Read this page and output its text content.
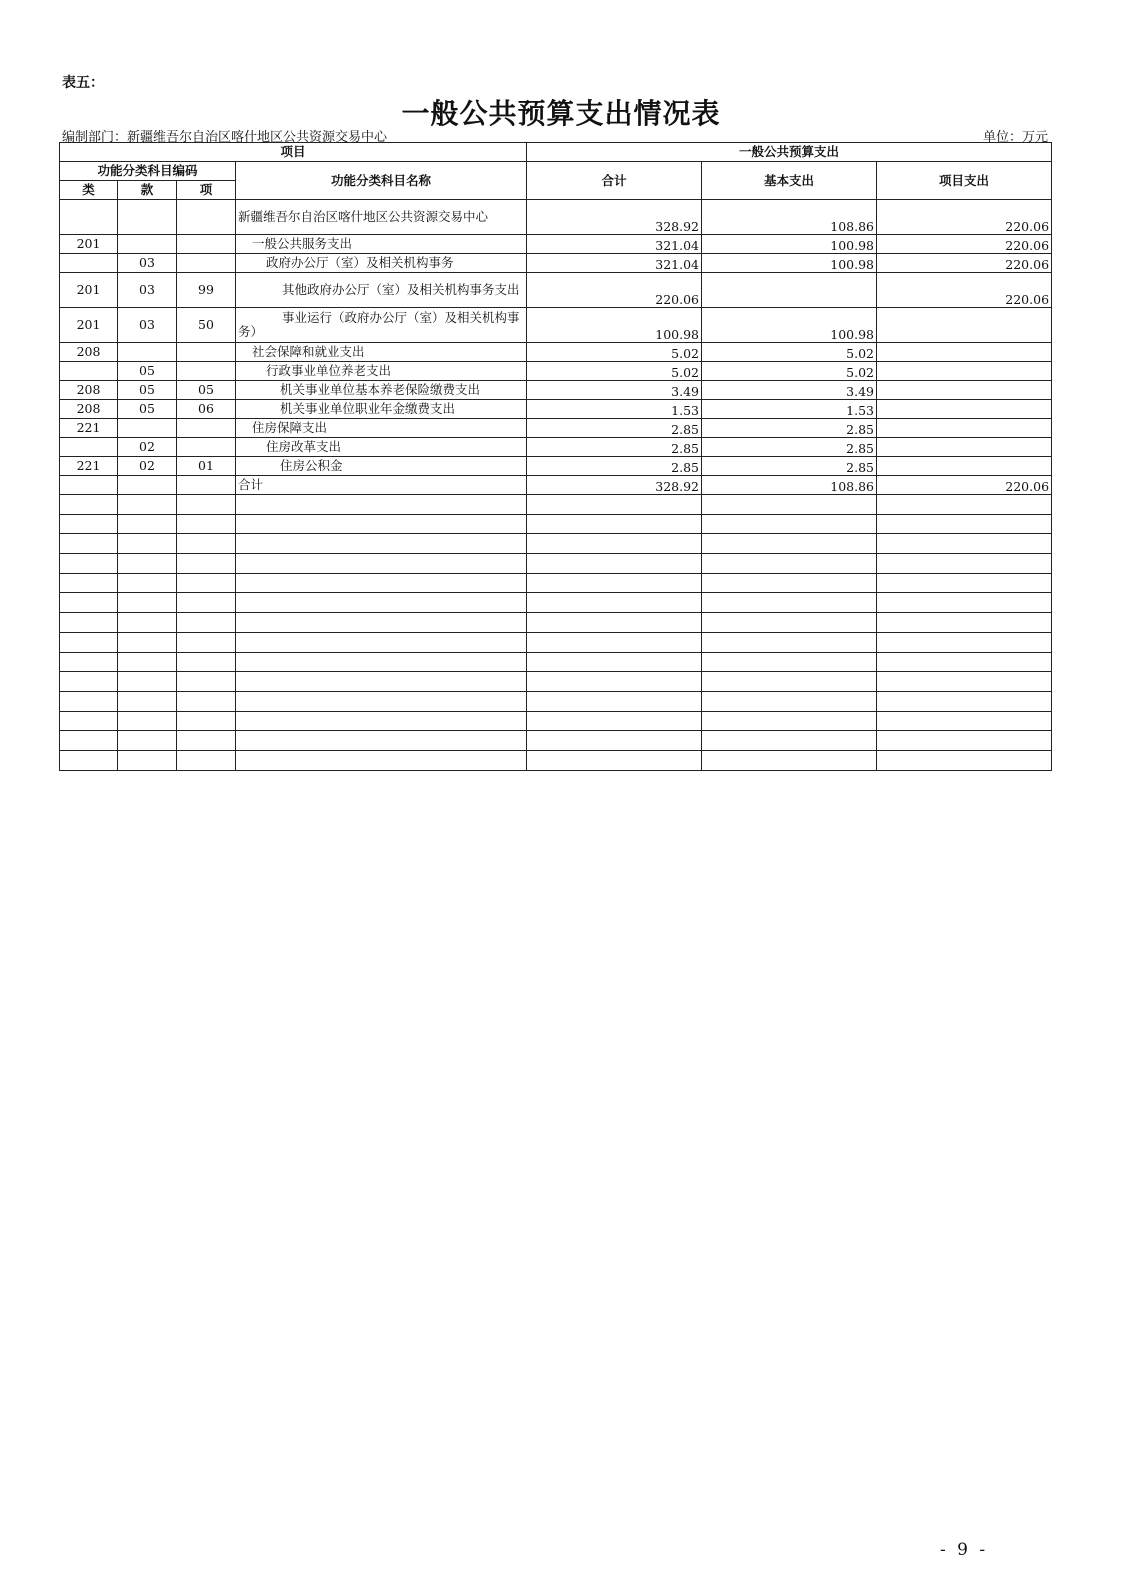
表五：
一般公共预算支出情况表
编制部门：新疆维吾尔自治区喀什地区公共资源交易中心	单位：万元
项目				一般公共预算支出		
功能分类科目编码			功能分类科目名称	合计	基本支出	项目支出
类	款	项				
			新疆维吾尔自治区喀什地区公共资源交易中心	328.92	108.86	220.06
201			一般公共服务支出	321.04	100.98	220.06
	03		政府办公厅（室）及相关机构事务	321.04	100.98	220.06
201	03	99	其他政府办公厅（室）及相关机构事务支出	220.06		220.06
201	03	50	事业运行（政府办公厅（室）及相关机构事务）	100.98	100.98	
208			社会保障和就业支出	5.02	5.02	
	05		行政事业单位养老支出	5.02	5.02	
208	05	05	机关事业单位基本养老保险缴费支出	3.49	3.49	
208	05	06	机关事业单位职业年金缴费支出	1.53	1.53	
221			住房保障支出	2.85	2.85	
	02		住房改革支出	2.85	2.85	
221	02	01	住房公积金	2.85	2.85	
			合计	328.92	108.86	220.06

- 9 -
